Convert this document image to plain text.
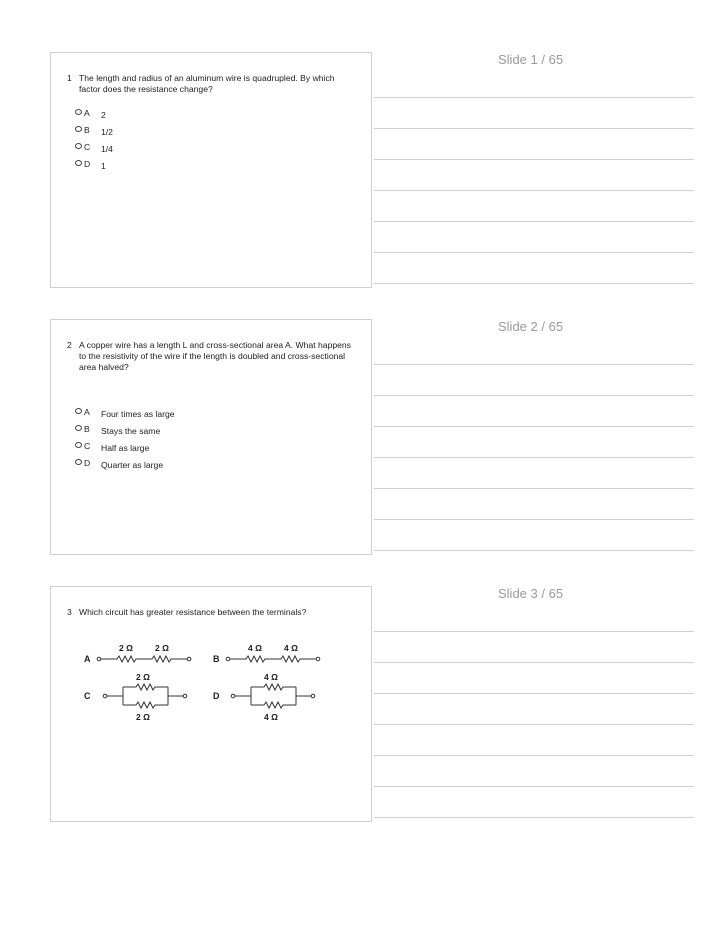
Slide 1 / 65
1 The length and radius of an aluminum wire is quadrupled. By which factor does the resistance change?
A 2
B 1/2
C 1/4
D 1
Slide 2 / 65
2 A copper wire has a length L and cross-sectional area A. What happens to the resistivity of the wire if the length is doubled and cross-sectional area halved?
A Four times as large
B Stays the same
C Half as large
D Quarter as large
Slide 3 / 65
3 Which circuit has greater resistance between the terminals?
A
2 Ω	2 Ω
B
4 Ω	4 Ω
C
2 Ω
2 Ω
D
4 Ω
4 Ω
